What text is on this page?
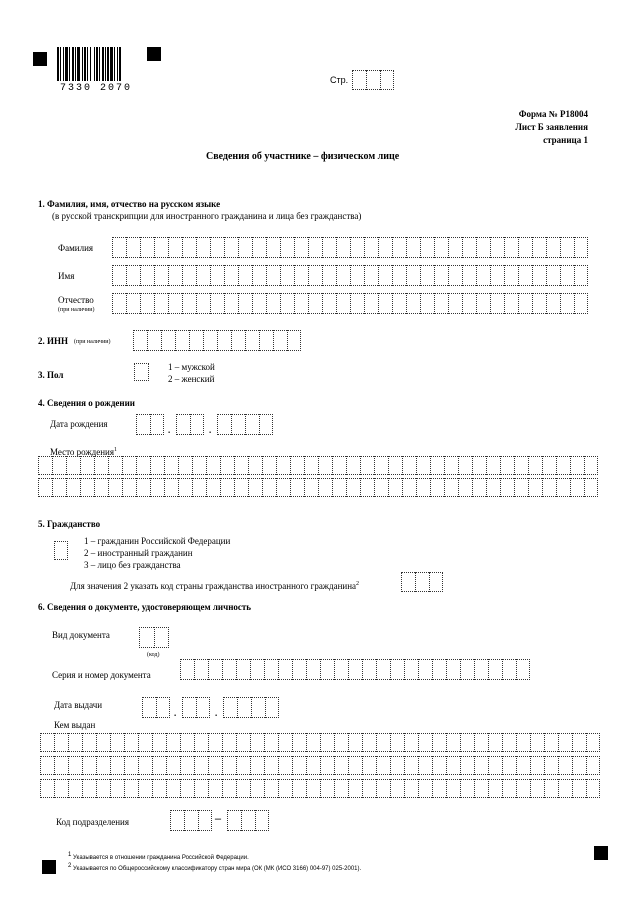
7330 2070
Стр.
Форма № Р18004
Лист Б заявления
страница 1
Сведения об участнике – физическом лице
1. Фамилия, имя, отчество на русском языке
(в русской транскрипции для иностранного гражданина и лица без гражданства)
Фамилия
Имя
Отчество
(при наличии)
2. ИНН (при наличии)
3. Пол
1 – мужской
2 – женский
4. Сведения о рождении
Дата рождения
.	.
Место рождения$^1$
5. Гражданство
1 – гражданин Российской Федерации
2 – иностранный гражданин
3 – лицо без гражданства
Для значения 2 указать код страны гражданства иностранного гражданина$^2$
6. Сведения о документе, удостоверяющем личность
Вид документа
(код)
Серия и номер документа
Дата выдачи
.	.
Кем выдан
Код подразделения	–
$^1$ Указывается в отношении гражданина Российской Федерации.
$^2$ Указывается по Общероссийскому классификатору стран мира (ОК (МК (ИСО 3166) 004-97) 025-2001).
